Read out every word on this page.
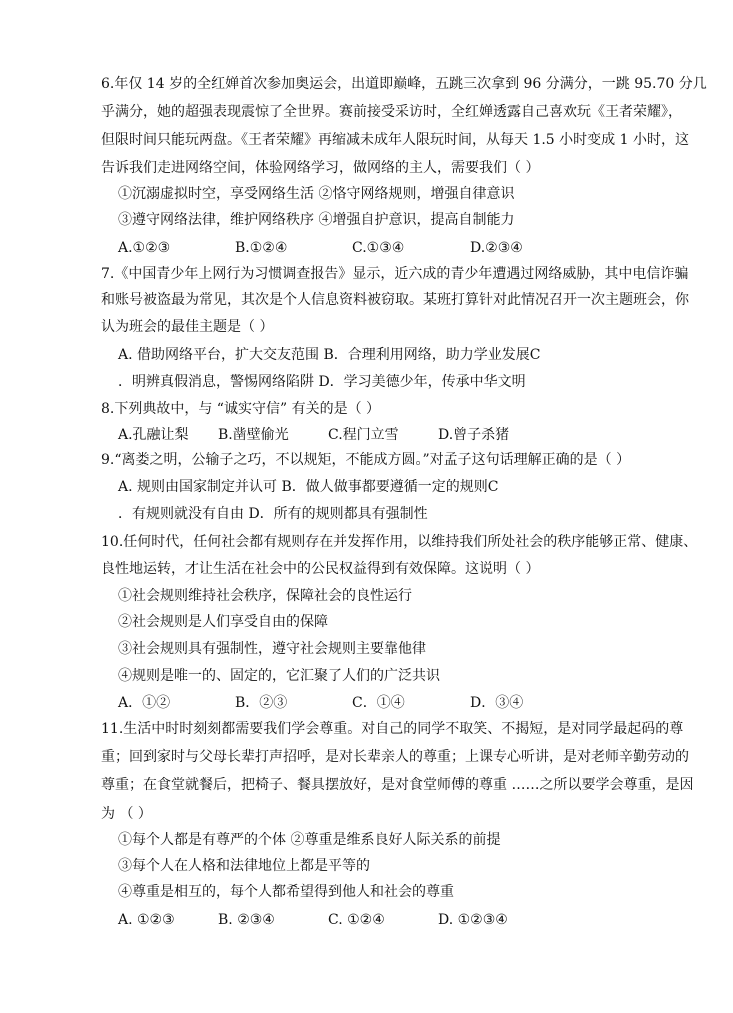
6.年仅 14 岁的全红婵首次参加奥运会，出道即巅峰，五跳三次拿到 96 分满分，一跳 95.70 分几
乎满分，她的超强表现震惊了全世界。赛前接受采访时，全红婵透露自己喜欢玩《王者荣耀》，
但限时间只能玩两盘。《王者荣耀》再缩减未成年人限玩时间，从每天 1.5 小时变成 1 小时，这
告诉我们走进网络空间，体验网络学习，做网络的主人，需要我们（ ）
①沉溺虚拟时空，享受网络生活 ②恪守网络规则，增强自律意识
③遵守网络法律，维护网络秩序 ④增强自护意识，提高自制能力
A.①②③	B.①②④	C.①③④	D.②③④
7.《中国青少年上网行为习惯调查报告》显示，近六成的青少年遭遇过网络威胁，其中电信诈骗
和账号被盗最为常见，其次是个人信息资料被窃取。某班打算针对此情况召开一次主题班会，你
认为班会的最佳主题是（ ）
A. 借助网络平台，扩大交友范围 B．合理利用网络，助力学业发展C
．明辨真假消息，警惕网络陷阱 D．学习美德少年，传承中华文明
8.下列典故中，与 “诚实守信” 有关的是（ ）
A.孔融让梨 B.凿壁偷光	C.程门立雪	D.曾子杀猪
9.“离娄之明，公输子之巧，不以规矩，不能成方圆。”对孟子这句话理解正确的是（ ）
A. 规则由国家制定并认可 B．做人做事都要遵循一定的规则C
．有规则就没有自由 D．所有的规则都具有强制性
10.任何时代，任何社会都有规则存在并发挥作用，以维持我们所处社会的秩序能够正常、健康、
良性地运转，才让生活在社会中的公民权益得到有效保障。这说明（ ）
①社会规则维持社会秩序，保障社会的良性运行
②社会规则是人们享受自由的保障
③社会规则具有强制性，遵守社会规则主要靠他律
④规则是唯一的、固定的，它汇聚了人们的广泛共识
A．①②	B．②③	C．①④	D．③④
11.生活中时时刻刻都需要我们学会尊重。对自己的同学不取笑、不揭短，是对同学最起码的尊
重；回到家时与父母长辈打声招呼，是对长辈亲人的尊重；上课专心听讲，是对老师辛勤劳动的
尊重；在食堂就餐后，把椅子、餐具摆放好，是对食堂师傅的尊重 ……之所以要学会尊重，是因
为 （ ）
①每个人都是有尊严的个体 ②尊重是维系良好人际关系的前提
③每个人在人格和法律地位上都是平等的
④尊重是相互的，每个人都希望得到他人和社会的尊重
A. ①②③	B. ②③④	C. ①②④	D. ①②③④
